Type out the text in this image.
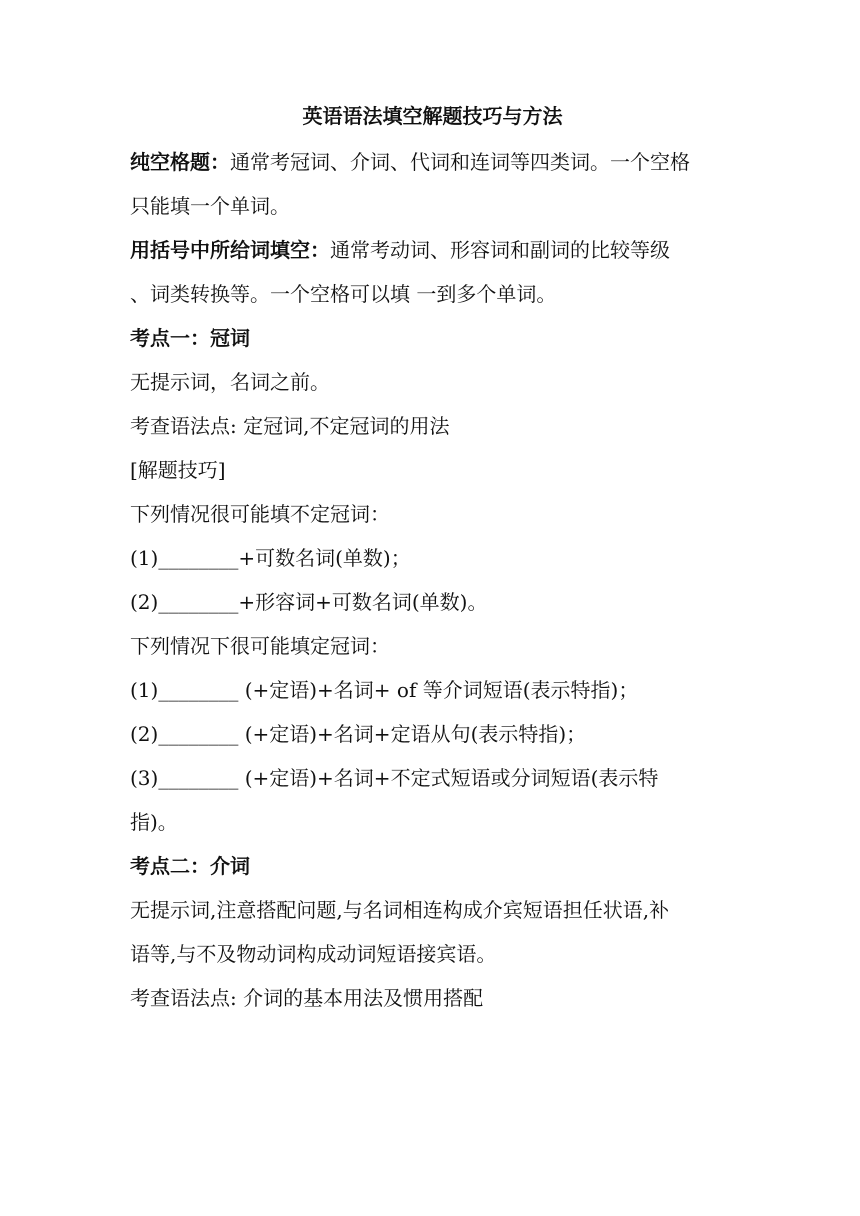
英语语法填空解题技巧与方法
纯空格题：通常考冠词、介词、代词和连词等四类词。一个空格
只能填一个单词。
用括号中所给词填空：通常考动词、形容词和副词的比较等级
、词类转换等。一个空格可以填 一到多个单词。
考点一：冠词
无提示词，名词之前。
考查语法点: 定冠词,不定冠词的用法
[解题技巧]
下列情况很可能填不定冠词：
(1)________+可数名词(单数)；
(2)________+形容词+可数名词(单数)。
下列情况下很可能填定冠词：
(1)________ (+定语)+名词+ of 等介词短语(表示特指)；
(2)________ (+定语)+名词+定语从句(表示特指)；
(3)________ (+定语)+名词+不定式短语或分词短语(表示特
指)。
考点二：介词
无提示词,注意搭配问题,与名词相连构成介宾短语担任状语,补
语等,与不及物动词构成动词短语接宾语。
考查语法点: 介词的基本用法及惯用搭配
